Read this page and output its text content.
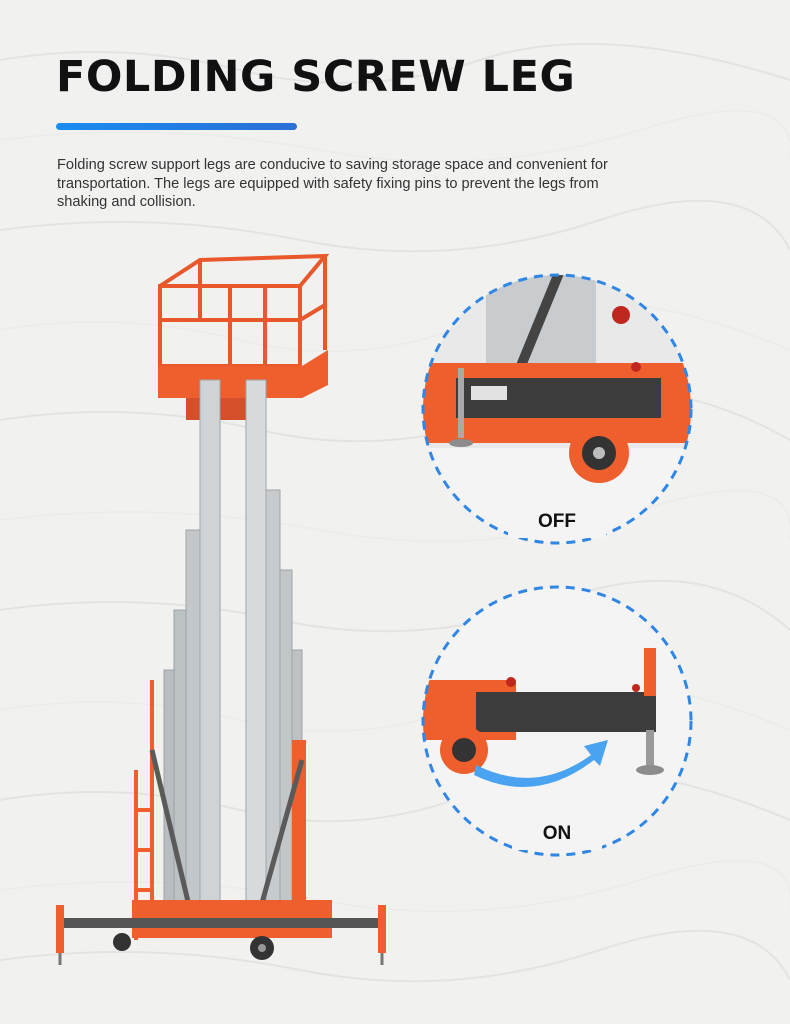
FOLDING SCREW LEG

Folding screw support legs are conducive to saving storage space and convenient for transportation. The legs are equipped with safety fixing pins to prevent the legs from shaking and collision.

OFF
ON
